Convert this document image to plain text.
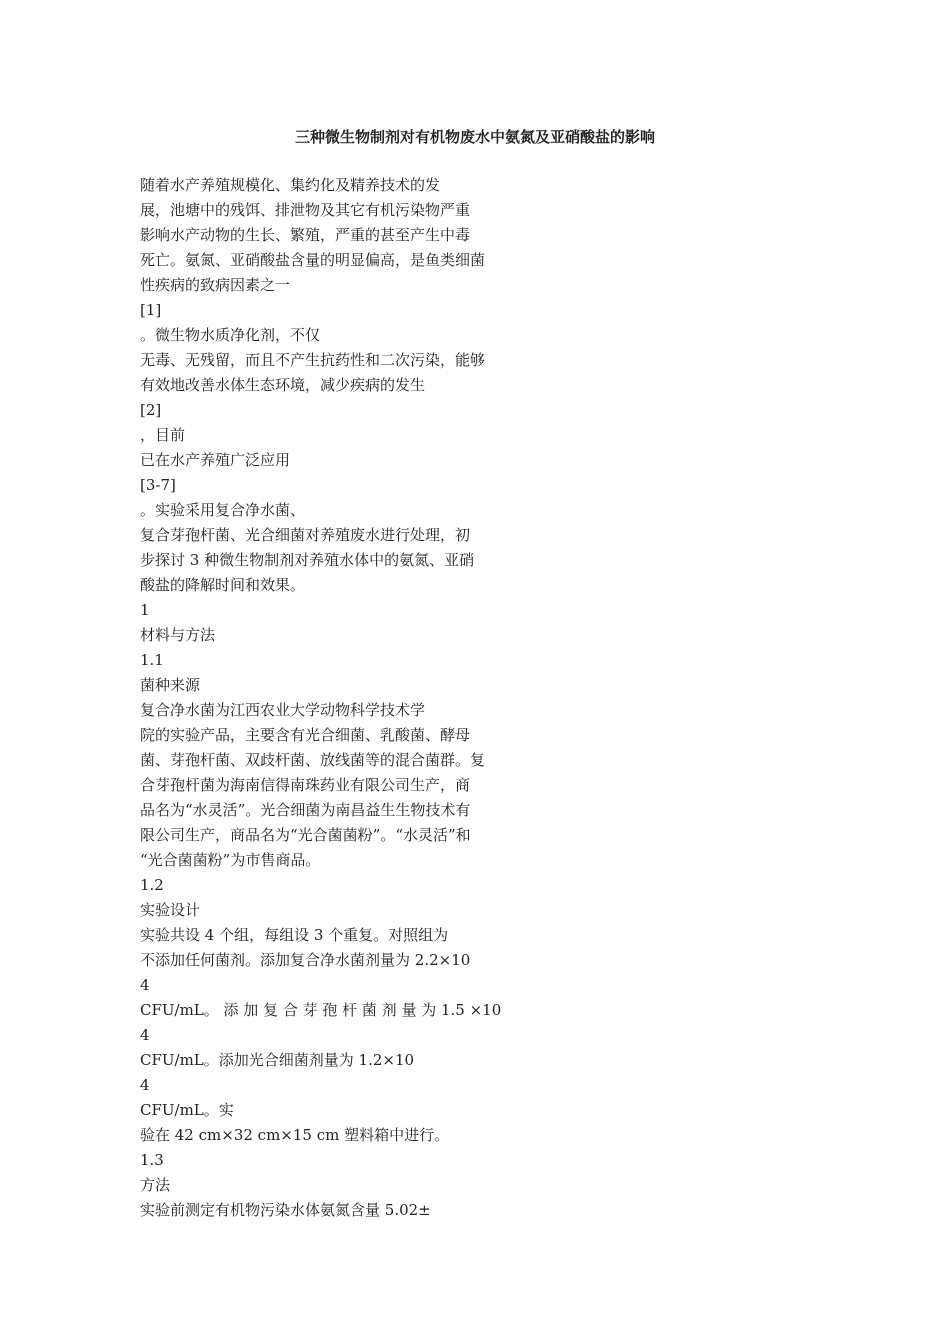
三种微生物制剂对有机物废水中氨氮及亚硝酸盐的影响
随着水产养殖规模化、集约化及精养技术的发
展，池塘中的残饵、排泄物及其它有机污染物严重
影响水产动物的生长、繁殖，严重的甚至产生中毒
死亡。氨氮、亚硝酸盐含量的明显偏高，是鱼类细菌
性疾病的致病因素之一
[1]
。微生物水质净化剂，不仅
无毒、无残留，而且不产生抗药性和二次污染，能够
有效地改善水体生态环境，减少疾病的发生
[2]
，目前
已在水产养殖广泛应用
[3-7]
。实验采用复合净水菌、
复合芽孢杆菌、光合细菌对养殖废水进行处理，初
步探讨 3 种微生物制剂对养殖水体中的氨氮、亚硝
酸盐的降解时间和效果。
1
材料与方法
1.1
菌种来源
复合净水菌为江西农业大学动物科学技术学
院的实验产品，主要含有光合细菌、乳酸菌、酵母
菌、芽孢杆菌、双歧杆菌、放线菌等的混合菌群。复
合芽孢杆菌为海南信得南珠药业有限公司生产，商
品名为“水灵活”。光合细菌为南昌益生生物技术有
限公司生产，商品名为“光合菌菌粉”。“水灵活”和
“光合菌菌粉”为市售商品。
1.2
实验设计
实验共设 4 个组，每组设 3 个重复。对照组为
不添加任何菌剂。添加复合净水菌剂量为 2.2×10
4
CFU/mL。 添 加 复 合 芽 孢 杆 菌 剂 量 为 1.5 ×10
4
CFU/mL。添加光合细菌剂量为 1.2×10
4
CFU/mL。实
验在 42 cm×32 cm×15 cm 塑料箱中进行。
1.3
方法
实验前测定有机物污染水体氨氮含量 5.02±
